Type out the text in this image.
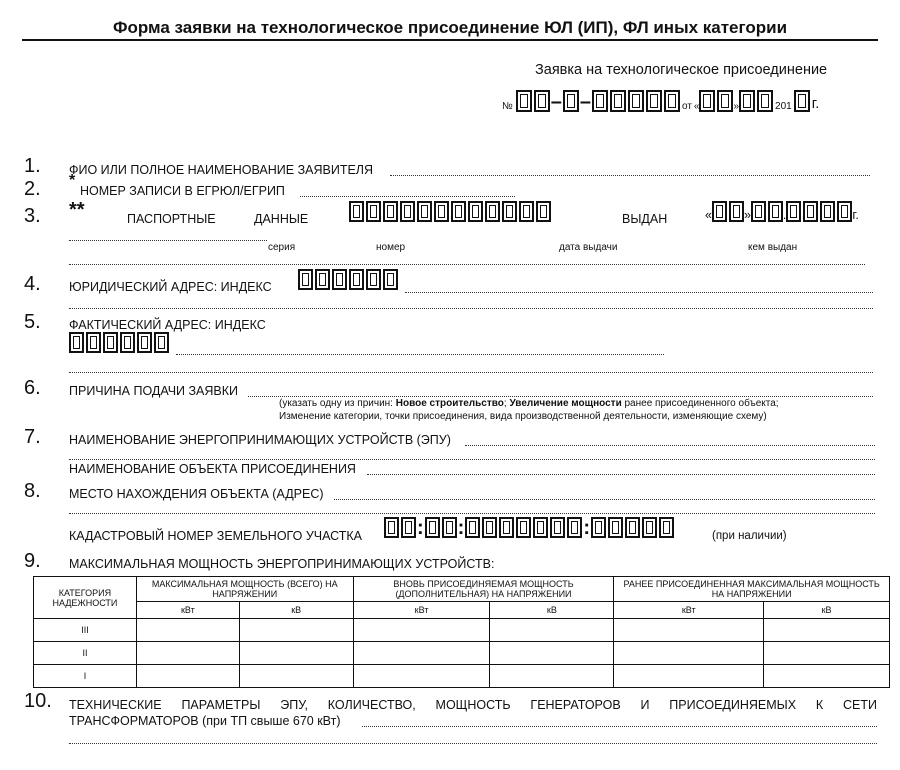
Форма заявки на технологическое присоединение ЮЛ (ИП), ФЛ иных категории
Заявка на технологическое присоединение
№ – –	от «	»	201 г.
1. ФИО ИЛИ ПОЛНОЕ НАИМЕНОВАНИЕ ЗАЯВИТЕЛЯ
2. *
НОМЕР ЗАПИСИ В ЕГРЮЛ/ЕГРИП
3. **	ПАСПОРТНЫЕ	ДАННЫЕ	ВЫДАН	«	»	.	г.
серия	номер	дата выдачи	кем выдан
4. ЮРИДИЧЕСКИЙ АДРЕС: ИНДЕКС
5. ФАКТИЧЕСКИЙ АДРЕС: ИНДЕКС
6. ПРИЧИНА ПОДАЧИ ЗАЯВКИ
(указать одну из причин: Новое строительство; Увеличение мощности ранее присоединенного объекта;
Изменение категории, точки присоединения, вида производственной деятельности, изменяющие схему)
7. НАИМЕНОВАНИЕ ЭНЕРГОПРИНИМАЮЩИХ УСТРОЙСТВ (ЭПУ)
НАИМЕНОВАНИЕ ОБЪЕКТА ПРИСОЕДИНЕНИЯ
8. МЕСТО НАХОЖДЕНИЯ ОБЪЕКТА (АДРЕС)
КАДАСТРОВЫЙ НОМЕР ЗЕМЕЛЬНОГО УЧАСТКА	: :	:	(при наличии)
9. МАКСИМАЛЬНАЯ МОЩНОСТЬ ЭНЕРГОПРИНИМАЮЩИХ УСТРОЙСТВ:
КАТЕГОРИЯ НАДЕЖНОСТИ	МАКСИМАЛЬНАЯ МОЩНОСТЬ (ВСЕГО) НА НАПРЯЖЕНИИ		ВНОВЬ ПРИСОЕДИНЯЕМАЯ МОЩНОСТЬ (ДОПОЛНИТЕЛЬНАЯ) НА НАПРЯЖЕНИИ		РАНЕЕ ПРИСОЕДИНЕННАЯ МАКСИМАЛЬНАЯ МОЩНОСТЬ НА НАПРЯЖЕНИИ	
	кВт	кВ	кВт	кВ	кВт	кВ
III						
II						
I						
10. ТЕХНИЧЕСКИЕ ПАРАМЕТРЫ ЭПУ, КОЛИЧЕСТВО, МОЩНОСТЬ ГЕНЕРАТОРОВ И ПРИСОЕДИНЯЕМЫХ К СЕТИ
ТРАНСФОРМАТОРОВ (при ТП свыше 670 кВт)
